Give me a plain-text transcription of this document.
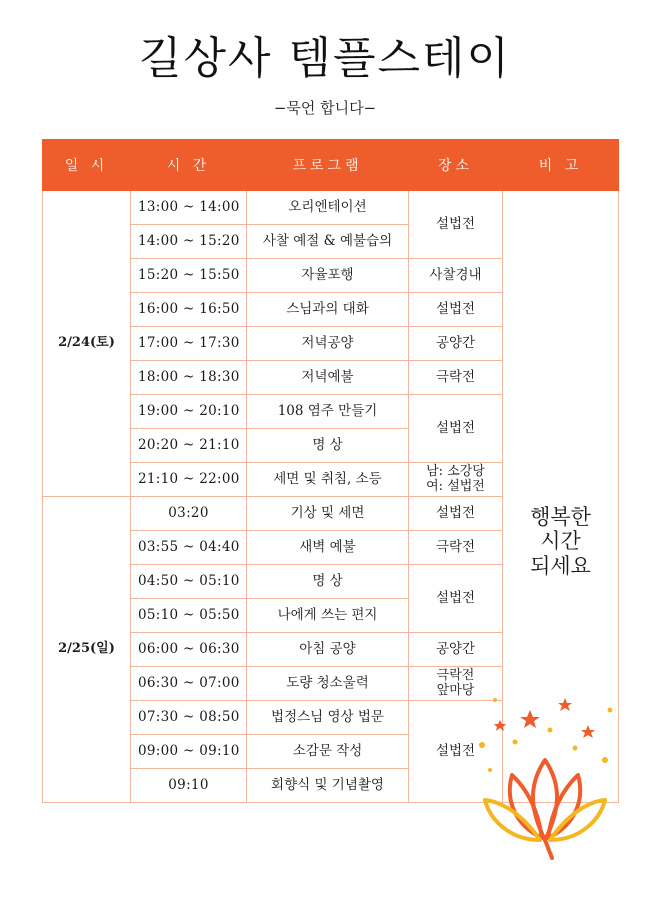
길상사 템플스테이
−묵언 합니다−
일 시	시 간	프로그램	장소	비 고
2/24(토)	13:00 ~ 14:00	오리엔테이션	설법전	행복한
시간
되세요

	14:00 ~ 15:20	사찰 예절 & 예불습의		
	15:20 ~ 15:50	자율포행	사찰경내	
	16:00 ~ 16:50	스님과의 대화	설법전	
	17:00 ~ 17:30	저녁공양	공양간	
	18:00 ~ 18:30	저녁예불	극락전	
	19:00 ~ 20:10	108 염주 만들기	설법전	
	20:20 ~ 21:10	명 상		
	21:10 ~ 22:00	세면 및 취침, 소등	남: 소강당
여: 설법전	

2/25(일)	03:20	기상 및 세면	설법전	
	03:55 ~ 04:40	새벽 예불	극락전	
	04:50 ~ 05:10	명 상	설법전	
	05:10 ~ 05:50	나에게 쓰는 편지		
	06:00 ~ 06:30	아침 공양	공양간	
	06:30 ~ 07:00	도량 청소울력	극락전
앞마당	

	07:30 ~ 08:50	법정스님 영상 법문	설법전	
	09:00 ~ 09:10	소감문 작성		
	09:10	회향식 및 기념촬영		
